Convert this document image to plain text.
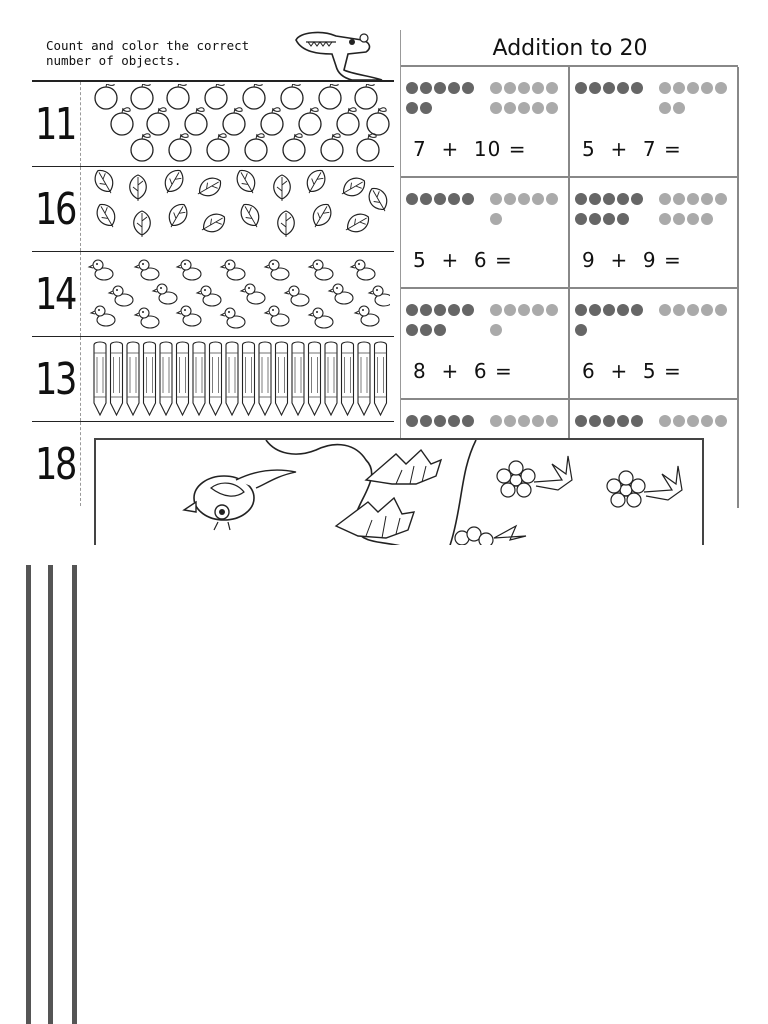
Count and color the correct
number of objects.
11
16
14
13
18
Addition to 20
7  +  10 =	5  +  7 =
5  +  6 =	9  +  9 =
8  +  6 =	6  +  5 =
